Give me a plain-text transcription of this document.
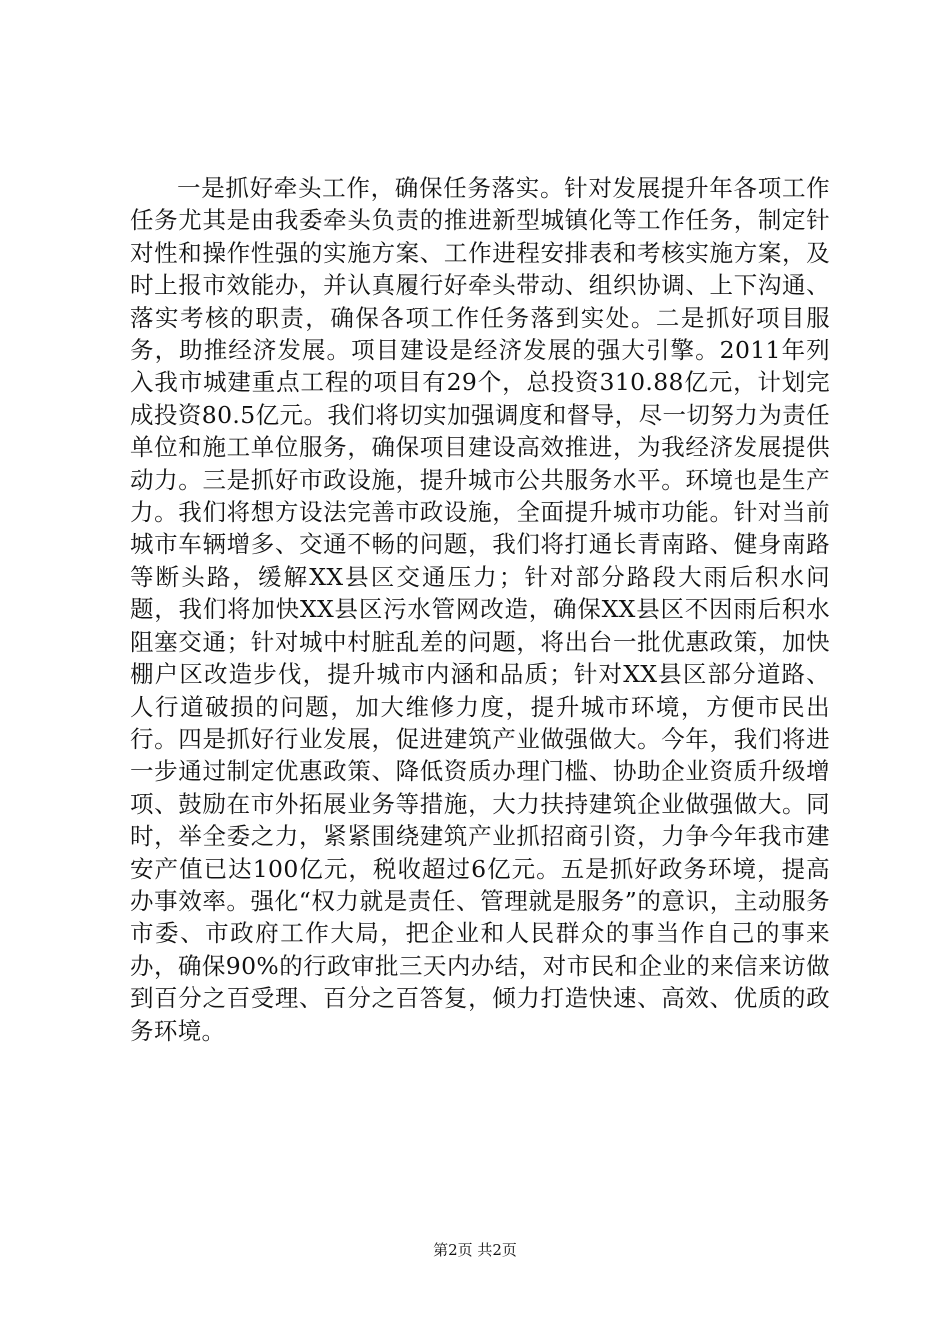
一是抓好牵头工作，确保任务落实。针对发展提升年各项工作任务尤其是由我委牵头负责的推进新型城镇化等工作任务，制定针对性和操作性强的实施方案、工作进程安排表和考核实施方案，及时上报市效能办，并认真履行好牵头带动、组织协调、上下沟通、落实考核的职责，确保各项工作任务落到实处。二是抓好项目服务，助推经济发展。项目建设是经济发展的强大引擎。2011年列入我市城建重点工程的项目有29个，总投资310.88亿元，计划完成投资80.5亿元。我们将切实加强调度和督导，尽一切努力为责任单位和施工单位服务，确保项目建设高效推进，为我经济发展提供动力。三是抓好市政设施，提升城市公共服务水平。环境也是生产力。我们将想方设法完善市政设施，全面提升城市功能。针对当前城市车辆增多、交通不畅的问题，我们将打通长青南路、健身南路等断头路，缓解XX县区交通压力；针对部分路段大雨后积水问题，我们将加快XX县区污水管网改造，确保XX县区不因雨后积水阻塞交通；针对城中村脏乱差的问题，将出台一批优惠政策，加快棚户区改造步伐，提升城市内涵和品质；针对XX县区部分道路、人行道破损的问题，加大维修力度，提升城市环境，方便市民出行。四是抓好行业发展，促进建筑产业做强做大。今年，我们将进一步通过制定优惠政策、降低资质办理门槛、协助企业资质升级增项、鼓励在市外拓展业务等措施，大力扶持建筑企业做强做大。同时，举全委之力，紧紧围绕建筑产业抓招商引资，力争今年我市建安产值已达100亿元，税收超过6亿元。五是抓好政务环境，提高办事效率。强化“权力就是责任、管理就是服务”的意识，主动服务市委、市政府工作大局，把企业和人民群众的事当作自己的事来办，确保90%的行政审批三天内办结，对市民和企业的来信来访做到百分之百受理、百分之百答复，倾力打造快速、高效、优质的政务环境。

第2页 共2页
